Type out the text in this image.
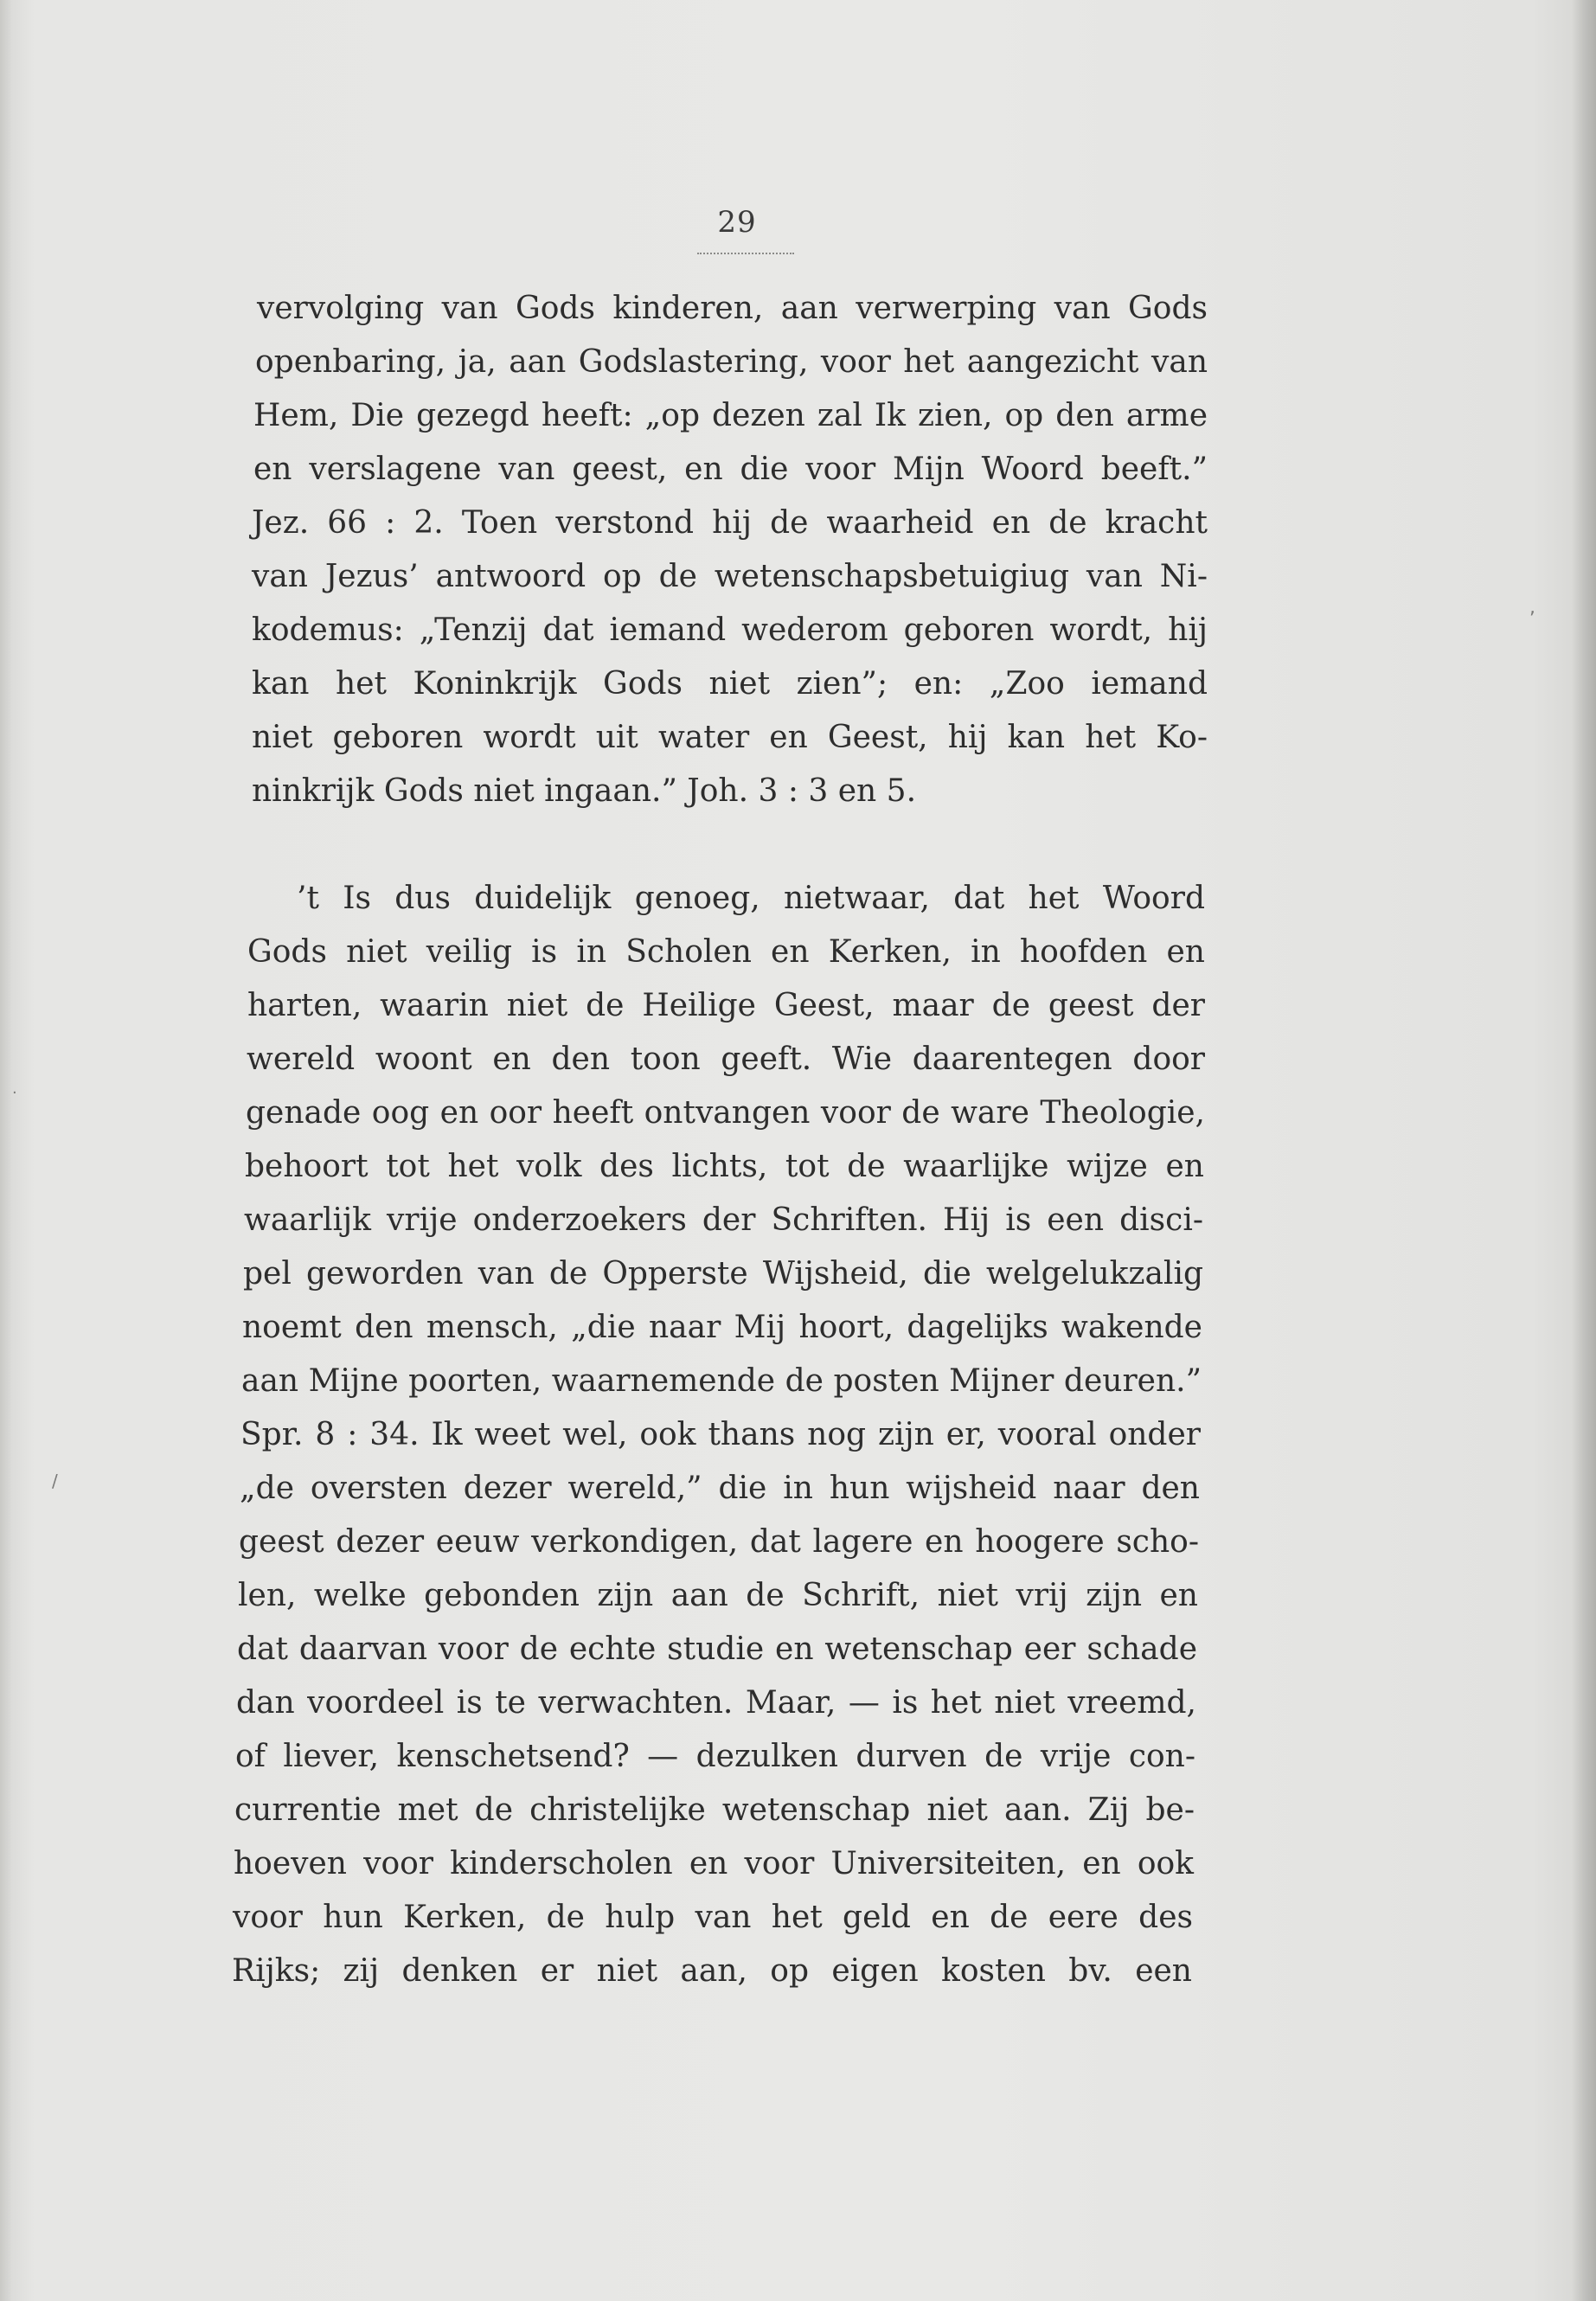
29
vervolging van Gods kinderen, aan verwerping van Gods
openbaring, ja, aan Godslastering, voor het aangezicht van
Hem, Die gezegd heeft: „op dezen zal Ik zien, op den arme
en verslagene van geest, en die voor Mijn Woord beeft.”
Jez. 66 : 2. Toen verstond hij de waarheid en de kracht
van Jezus’ antwoord op de wetenschapsbetuigiug van Ni-
kodemus: „Tenzij dat iemand wederom geboren wordt, hij
kan het Koninkrijk Gods niet zien”; en: „Zoo iemand
niet geboren wordt uit water en Geest, hij kan het Ko-
ninkrijk Gods niet ingaan.” Joh. 3 : 3 en 5.
’t Is dus duidelijk genoeg, nietwaar, dat het Woord
Gods niet veilig is in Scholen en Kerken, in hoofden en
harten, waarin niet de Heilige Geest, maar de geest der
wereld woont en den toon geeft. Wie daarentegen door
genade oog en oor heeft ontvangen voor de ware Theologie,
behoort tot het volk des lichts, tot de waarlijke wijze en
waarlijk vrije onderzoekers der Schriften. Hij is een disci-
pel geworden van de Opperste Wijsheid, die welgelukzalig
noemt den mensch, „die naar Mij hoort, dagelijks wakende
aan Mijne poorten, waarnemende de posten Mijner deuren.”
Spr. 8 : 34. Ik weet wel, ook thans nog zijn er, vooral onder
„de oversten dezer wereld,” die in hun wijsheid naar den
geest dezer eeuw verkondigen, dat lagere en hoogere scho-
len, welke gebonden zijn aan de Schrift, niet vrij zijn en
dat daarvan voor de echte studie en wetenschap eer schade
dan voordeel is te verwachten. Maar, — is het niet vreemd,
of liever, kenschetsend? — dezulken durven de vrije con-
currentie met de christelijke wetenschap niet aan. Zij be-
hoeven voor kinderscholen en voor Universiteiten, en ook
voor hun Kerken, de hulp van het geld en de eere des
Rijks; zij denken er niet aan, op eigen kosten bv. een
,
·
/
